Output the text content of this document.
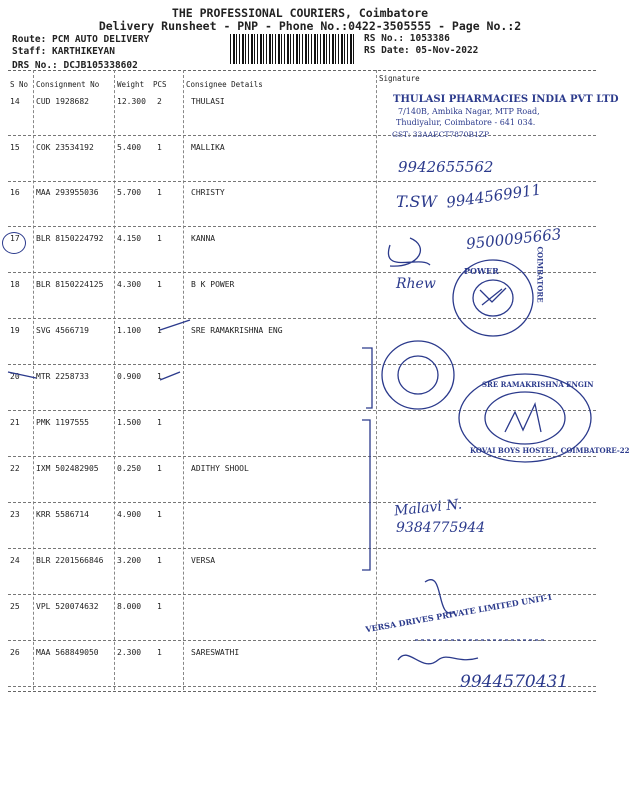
THE PROFESSIONAL COURIERS, Coimbatore
Delivery Runsheet - PNP - Phone No.:0422-3505555 - Page No.:2
Route: PCM AUTO DELIVERY
Staff: KARTHIKEYAN
DRS No.: DCJB105338602
RS No.: 1053386
RS Date: 05-Nov-2022
S No Consignment No Weight PCS	Consignee Details
Signature
14 CUD 1928682	12.300 2	THULASI
15 COK 23534192	5.400 1	MALLIKA
16 MAA 293955036 5.700 1	CHRISTY
17 BLR 8150224792 4.150 1	KANNA
18 BLR 8150224125 4.300 1	B K POWER
19 SVG 4566719	1.100 1	SRE RAMAKRISHNA ENG
20 MTR 2258733	0.900 1
21 PMK 1197555	1.500 1
22 IXM 502482905 0.250 1	ADITHY SHOOL
23 KRR 5586714	4.900 1
24 BLR 2201566846 3.200 1	VERSA
25 VPL 520074632 8.000 1
26 MAA 568849050 2.300 1	SARESWATHI
THULASI PHARMACIES INDIA PVT LTD
7/140B, Ambika Nagar, MTP Road,
Thudiyalur, Coimbatore - 641 034.
GST: 33AAECT7870B1ZP
9942655562
T.SW 9944569911
9500095663
Rhew
POWER	COIMBATORE
SRE RAMAKRISHNA ENGIN
KOVAI BOYS HOSTEL, COIMBATORE-22
Malavi N.
9384775944
VERSA DRIVES PRIVATE LIMITED UNIT-1
9944570431
